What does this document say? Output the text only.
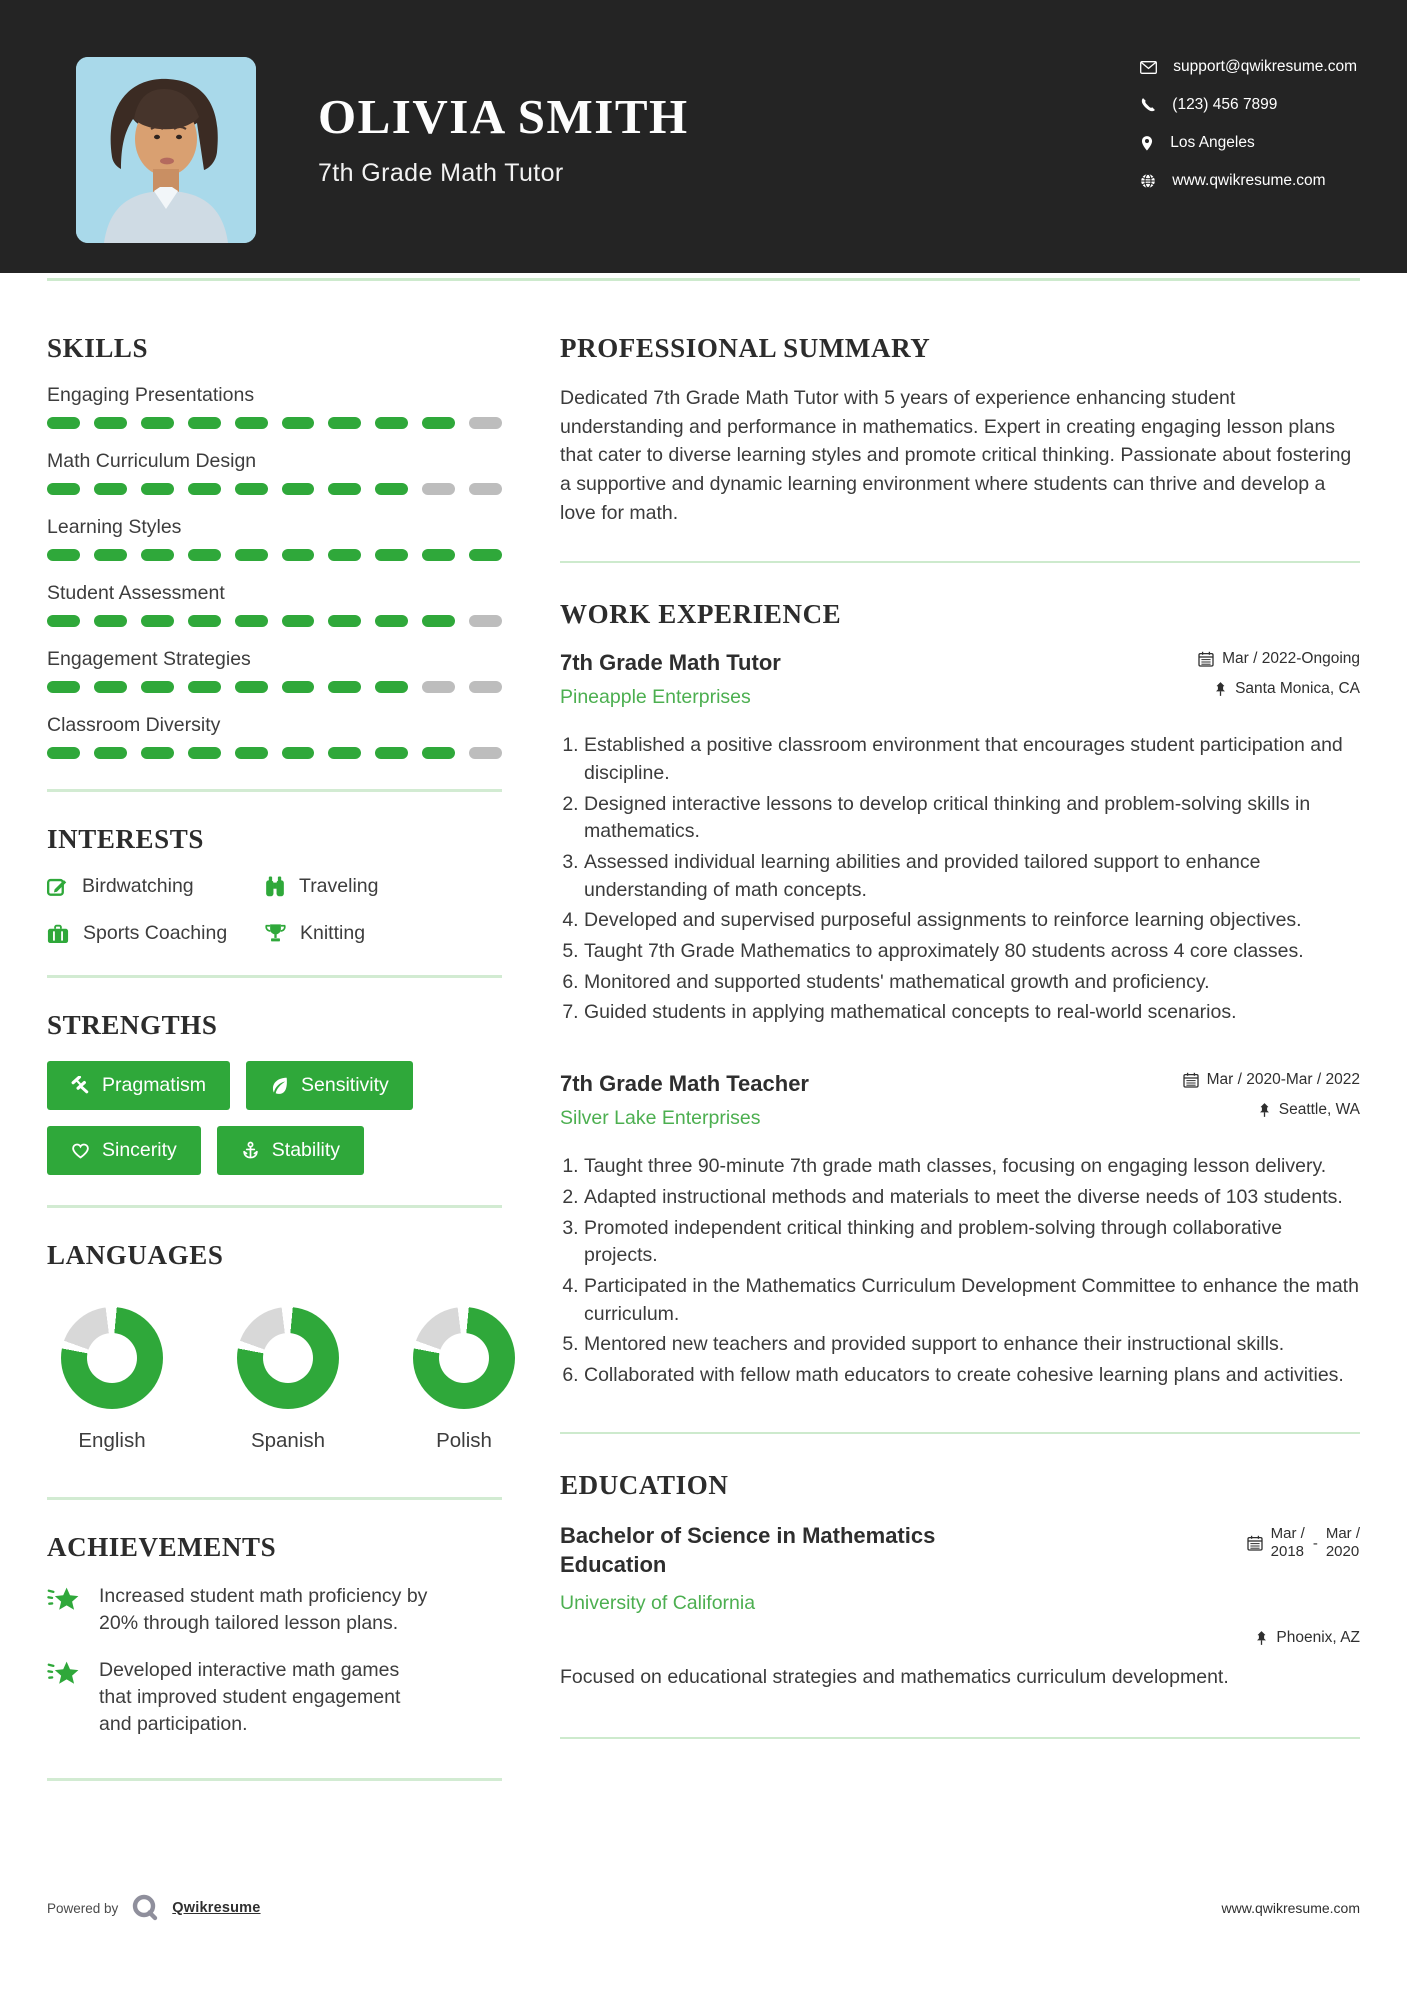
OLIVIA SMITH
7th Grade Math Tutor
support@qwikresume.com
(123) 456 7899
Los Angeles
www.qwikresume.com
SKILLS
Engaging Presentations
Math Curriculum Design
Learning Styles
Student Assessment
Engagement Strategies
Classroom Diversity
INTERESTS
Birdwatching	Traveling
Sports Coaching	Knitting
STRENGTHS
Pragmatism	Sensitivity
Sincerity	Stability
LANGUAGES
English	Spanish	Polish
ACHIEVEMENTS
Increased student math proficiency by 20% through tailored lesson plans.
Developed interactive math games that improved student engagement and participation.
PROFESSIONAL SUMMARY

Dedicated 7th Grade Math Tutor with 5 years of experience enhancing student understanding and performance in mathematics. Expert in creating engaging lesson plans that cater to diverse learning styles and promote critical thinking. Passionate about fostering a supportive and dynamic learning environment where students can thrive and develop a love for math.

WORK EXPERIENCE
7th Grade Math Tutor
Pineapple Enterprises
Mar / 2022-Ongoing
Santa Monica, CA
1. Established a positive classroom environment that encourages student participation and discipline.
2. Designed interactive lessons to develop critical thinking and problem-solving skills in mathematics.
3. Assessed individual learning abilities and provided tailored support to enhance understanding of math concepts.
4. Developed and supervised purposeful assignments to reinforce learning objectives.
5. Taught 7th Grade Mathematics to approximately 80 students across 4 core classes.
6. Monitored and supported students' mathematical growth and proficiency.
7. Guided students in applying mathematical concepts to real-world scenarios.
7th Grade Math Teacher
Silver Lake Enterprises
Mar / 2020-Mar / 2022
Seattle, WA
1. Taught three 90-minute 7th grade math classes, focusing on engaging lesson delivery.
2. Adapted instructional methods and materials to meet the diverse needs of 103 students.
3. Promoted independent critical thinking and problem-solving through collaborative projects.
4. Participated in the Mathematics Curriculum Development Committee to enhance the math curriculum.
5. Mentored new teachers and provided support to enhance their instructional skills.
6. Collaborated with fellow math educators to create cohesive learning plans and activities.
EDUCATION
Bachelor of Science in Mathematics Education
Mar /
2018 -
Mar /
2020
University of California
Phoenix, AZ

Focused on educational strategies and mathematics curriculum development.

Powered by	Qwikresume	www.qwikresume.com
